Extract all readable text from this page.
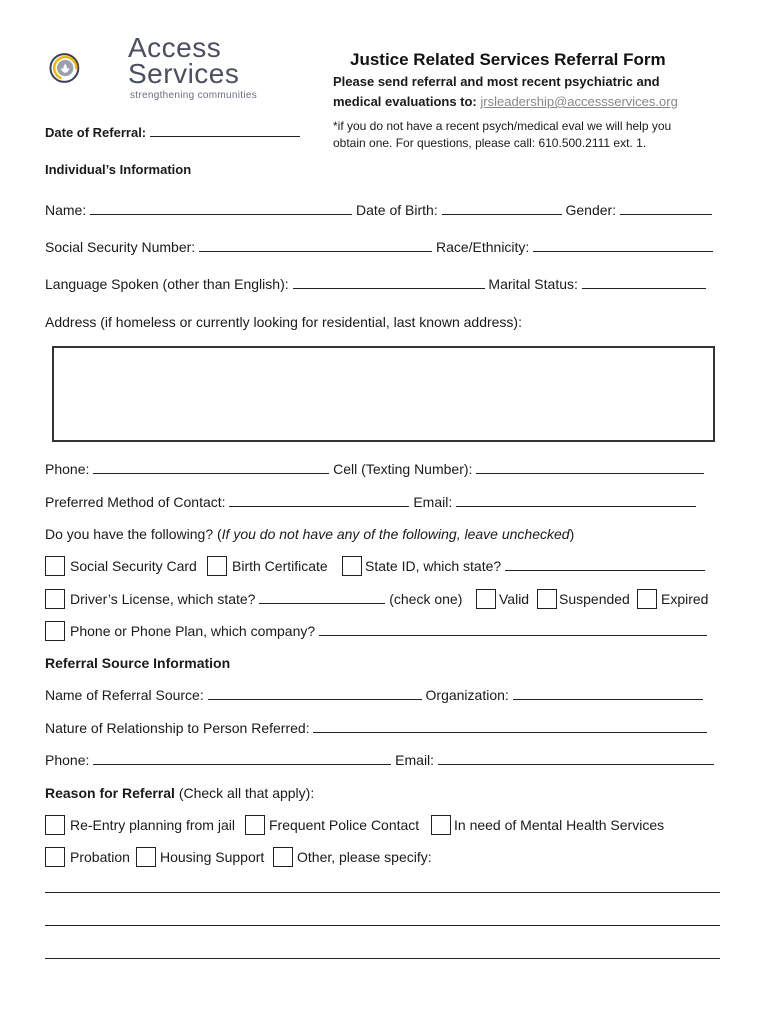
Access
Services
strengthening communities
Justice Related Services Referral Form
Please send referral and most recent psychiatric and
medical evaluations to: jrsleadership@accessservices.org
*if you do not have a recent psych/medical eval we will help you
obtain one. For questions, please call: 610.500.2111 ext. 1.
Date of Referral:
Individual’s Information
Name:	Date of Birth:	Gender:
Social Security Number:	Race/Ethnicity:
Language Spoken (other than English):	Marital Status:
Address (if homeless or currently looking for residential, last known address):
Phone:	Cell (Texting Number):
Preferred Method of Contact:	Email:
Do you have the following? (If you do not have any of the following, leave unchecked)
Social Security Card	Birth Certificate	State ID, which state?
Driver’s License, which state?	(check one)	Valid Suspended Expired
Phone or Phone Plan, which company?
Referral Source Information
Name of Referral Source:	Organization:
Nature of Relationship to Person Referred:
Phone:	Email:
Reason for Referral (Check all that apply):
Re-Entry planning from jail Frequent Police Contact In need of Mental Health Services
Probation Housing Support Other, please specify:
